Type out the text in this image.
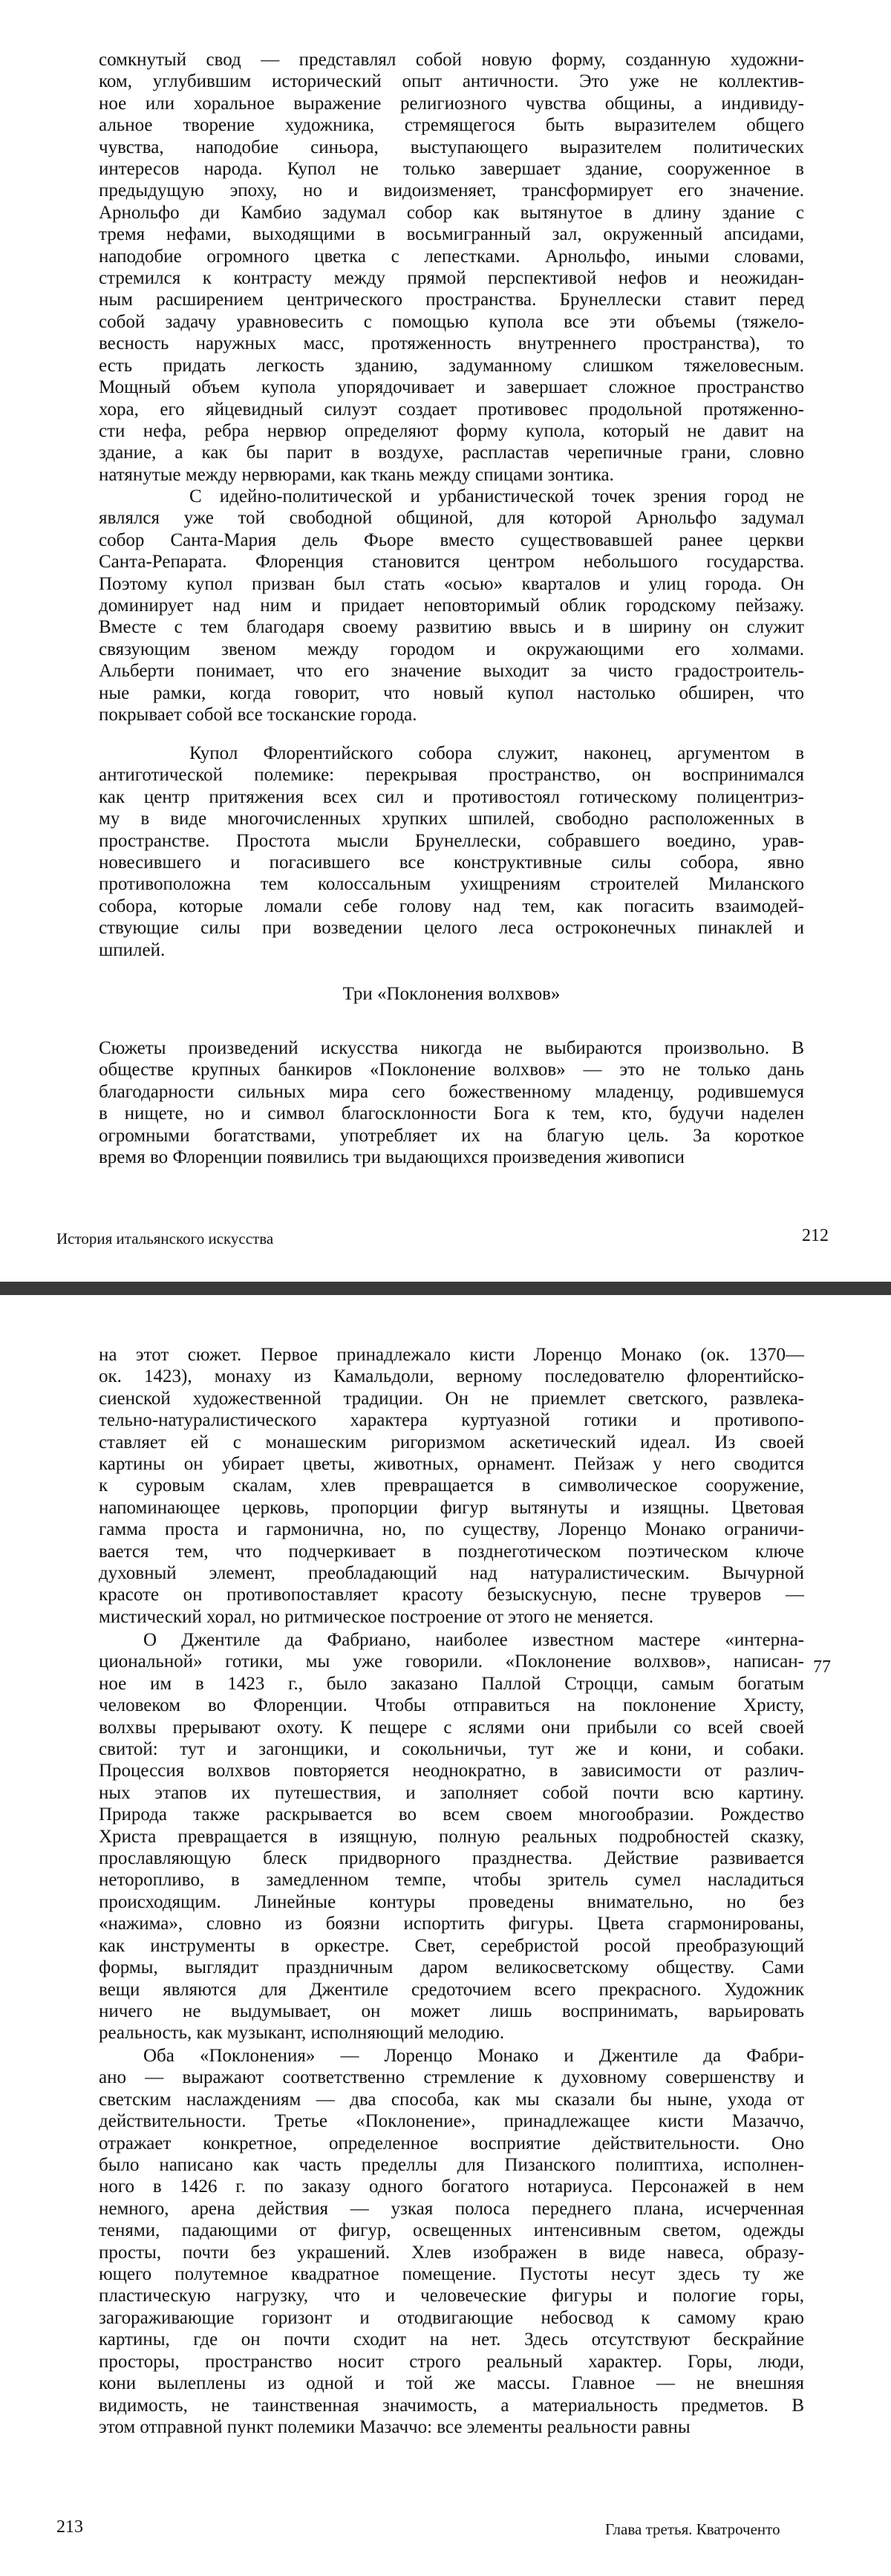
сомкнутый свод — представлял собой новую форму, созданную художни-
ком, углубившим исторический опыт античности. Это уже не коллектив-
ное или хоральное выражение религиозного чувства общины, а индивиду-
альное творение художника, стремящегося быть выразителем общего
чувства, наподобие синьора, выступающего выразителем политических
интересов народа. Купол не только завершает здание, сооруженное в
предыдущую эпоху, но и видоизменяет, трансформирует его значение.
Арнольфо ди Камбио задумал собор как вытянутое в длину здание с
тремя нефами, выходящими в восьмигранный зал, окруженный апсидами,
наподобие огромного цветка с лепестками. Арнольфо, иными словами,
стремился к контрасту между прямой перспективой нефов и неожидан-
ным расширением центрического пространства. Брунеллески ставит перед
собой задачу уравновесить с помощью купола все эти объемы (тяжело-
весность наружных масс, протяженность внутреннего пространства), то
есть придать легкость зданию, задуманному слишком тяжеловесным.
Мощный объем купола упорядочивает и завершает сложное пространство
хора, его яйцевидный силуэт создает противовес продольной протяженно-
сти нефа, ребра нервюр определяют форму купола, который не давит на
здание, а как бы парит в воздухе, распластав черепичные грани, словно
натянутые между нервюрами, как ткань между спицами зонтика.
С идейно-политической и урбанистической точек зрения город не
являлся уже той свободной общиной, для которой Арнольфо задумал
собор Санта-Мария дель Фьоре вместо существовавшей ранее церкви
Санта-Репарата. Флоренция становится центром небольшого государства.
Поэтому купол призван был стать «осью» кварталов и улиц города. Он
доминирует над ним и придает неповторимый облик городскому пейзажу.
Вместе с тем благодаря своему развитию ввысь и в ширину он служит
связующим звеном между городом и окружающими его холмами.
Альберти понимает, что его значение выходит за чисто градостроитель-
ные рамки, когда говорит, что новый купол настолько обширен, что
покрывает собой все тосканские города.
Купол Флорентийского собора служит, наконец, аргументом в
антиготической полемике: перекрывая пространство, он воспринимался
как центр притяжения всех сил и противостоял готическому полицентриз-
му в виде многочисленных хрупких шпилей, свободно расположенных в
пространстве. Простота мысли Брунеллески, собравшего воедино, урав-
новесившего и погасившего все конструктивные силы собора, явно
противоположна тем колоссальным ухищрениям строителей Миланского
собора, которые ломали себе голову над тем, как погасить взаимодей-
ствующие силы при возведении целого леса остроконечных пинаклей и
шпилей.
Три «Поклонения волхвов»
Сюжеты произведений искусства никогда не выбираются произвольно. В
обществе крупных банкиров «Поклонение волхвов» — это не только дань
благодарности сильных мира сего божественному младенцу, родившемуся
в нищете, но и символ благосклонности Бога к тем, кто, будучи наделен
огромными богатствами, употребляет их на благую цель. За короткое
время во Флоренции появились три выдающихся произведения живописи
История итальянского искусства	212
на этот сюжет. Первое принадлежало кисти Лоренцо Монако (ок. 1370—
ок. 1423), монаху из Камальдоли, верному последователю флорентийско-
сиенской художественной традиции. Он не приемлет светского, развлека-
тельно-натуралистического характера куртуазной готики и противопо-
ставляет ей с монашеским ригоризмом аскетический идеал. Из своей
картины он убирает цветы, животных, орнамент. Пейзаж у него сводится
к суровым скалам, хлев превращается в символическое сооружение,
напоминающее церковь, пропорции фигур вытянуты и изящны. Цветовая
гамма проста и гармонична, но, по существу, Лоренцо Монако ограничи-
вается тем, что подчеркивает в позднеготическом поэтическом ключе
духовный элемент, преобладающий над натуралистическим. Вычурной
красоте он противопоставляет красоту безыскусную, песне труверов —
мистический хорал, но ритмическое построение от этого не меняется.
О Джентиле да Фабриано, наиболее известном мастере «интерна-
циональной» готики, мы уже говорили. «Поклонение волхвов», написан-
ное им в 1423 г., было заказано Паллой Строцци, самым богатым
человеком во Флоренции. Чтобы отправиться на поклонение Христу,
волхвы прерывают охоту. К пещере с яслями они прибыли со всей своей
свитой: тут и загонщики, и сокольничьи, тут же и кони, и собаки.
Процессия волхвов повторяется неоднократно, в зависимости от различ-
ных этапов их путешествия, и заполняет собой почти всю картину.
Природа также раскрывается во всем своем многообразии. Рождество
Христа превращается в изящную, полную реальных подробностей сказку,
прославляющую блеск придворного празднества. Действие развивается
неторопливо, в замедленном темпе, чтобы зритель сумел насладиться
происходящим. Линейные контуры проведены внимательно, но без
«нажима», словно из боязни испортить фигуры. Цвета сгармонированы,
как инструменты в оркестре. Свет, серебристой росой преобразующий
формы, выглядит праздничным даром великосветскому обществу. Сами
вещи являются для Джентиле средоточием всего прекрасного. Художник
ничего не выдумывает, он может лишь воспринимать, варьировать
реальность, как музыкант, исполняющий мелодию.
Оба «Поклонения» — Лоренцо Монако и Джентиле да Фабри-
ано — выражают соответственно стремление к духовному совершенству и
светским наслаждениям — два способа, как мы сказали бы ныне, ухода от
действительности. Третье «Поклонение», принадлежащее кисти Мазаччо,
отражает конкретное, определенное восприятие действительности. Оно
было написано как часть пределлы для Пизанского полиптиха, исполнен-
ного в 1426 г. по заказу одного богатого нотариуса. Персонажей в нем
немного, арена действия — узкая полоса переднего плана, исчерченная
тенями, падающими от фигур, освещенных интенсивным светом, одежды
просты, почти без украшений. Хлев изображен в виде навеса, образу-
ющего полутемное квадратное помещение. Пустоты несут здесь ту же
пластическую нагрузку, что и человеческие фигуры и пологие горы,
загораживающие горизонт и отодвигающие небосвод к самому краю
картины, где он почти сходит на нет. Здесь отсутствуют бескрайние
просторы, пространство носит строго реальный характер. Горы, люди,
кони вылеплены из одной и той же массы. Главное — не внешняя
видимость, не таинственная значимость, а материальность предметов. В
этом отправной пункт полемики Мазаччо: все элементы реальности равны
77
213	Глава третья. Кватроченто
